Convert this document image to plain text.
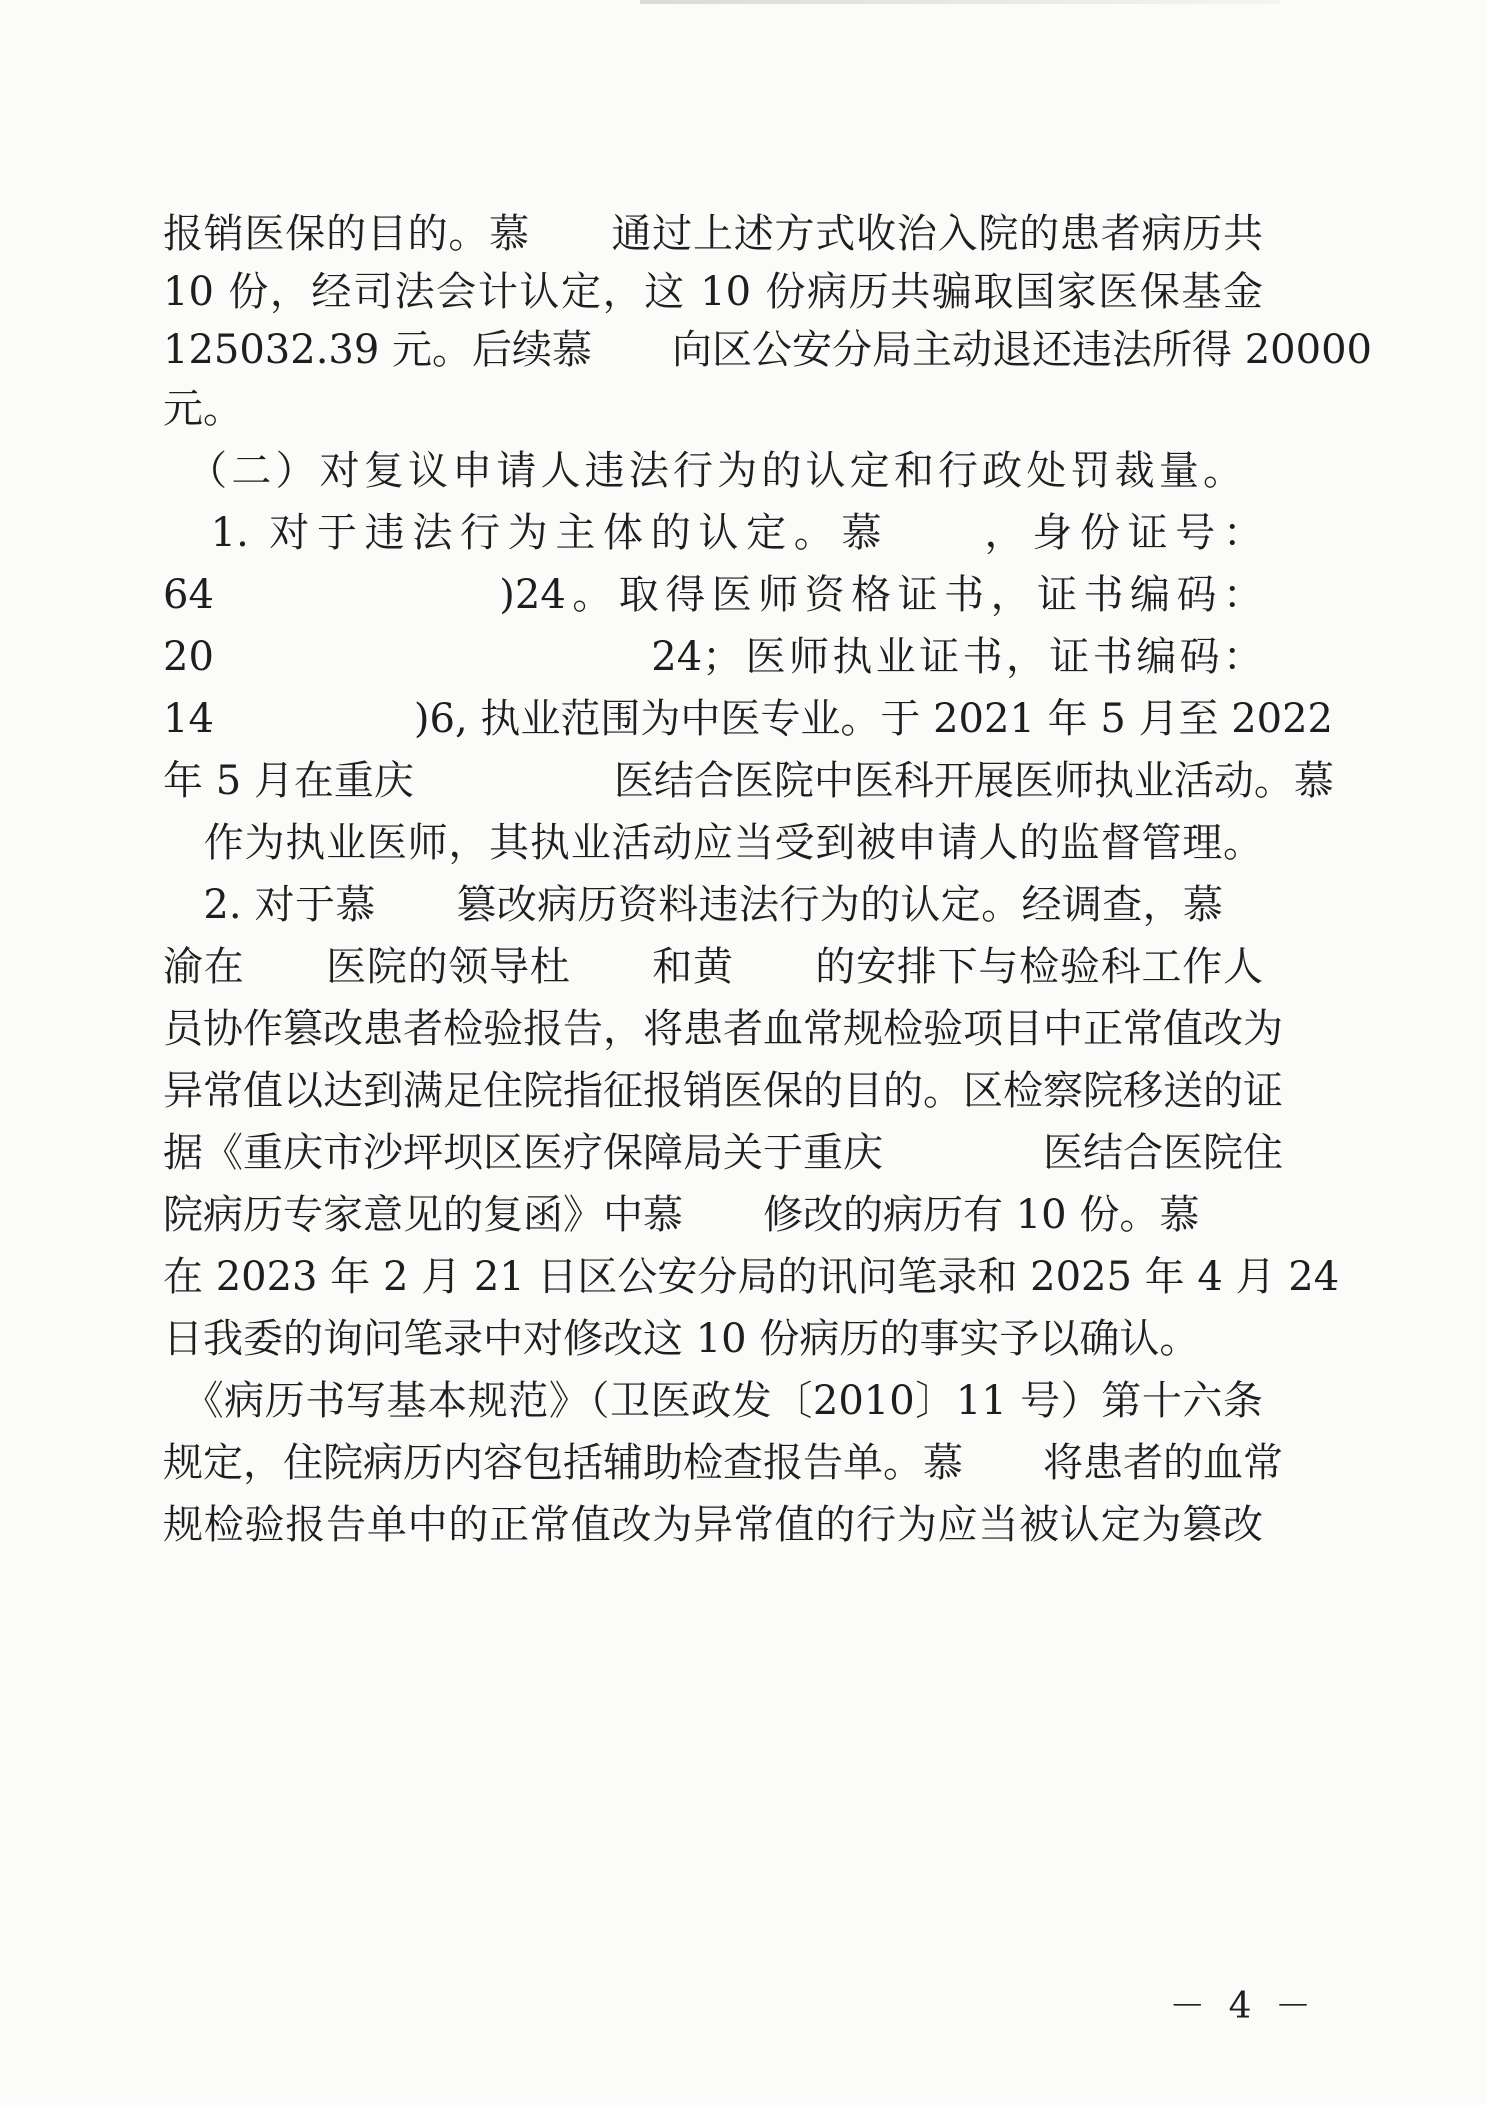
报销医保的目的。慕　　通过上述方式收治入院的患者病历共
10 份，经司法会计认定，这 10 份病历共骗取国家医保基金
125032.39 元。后续慕　　向区公安分局主动退还违法所得 20000
元。
　（二）对复议申请人违法行为的认定和行政处罚裁量。
　1. 对于违法行为主体的认定。慕　　，身份证号：
64　　　　　　)24。取得医师资格证书，证书编码：
20　　　　　　　　　　24；医师执业证书，证书编码：
14　　　　　)6, 执业范围为中医专业。于 2021 年 5 月至 2022
年 5 月在重庆　　　　　医结合医院中医科开展医师执业活动。慕
　作为执业医师，其执业活动应当受到被申请人的监督管理。
　2. 对于慕　　篡改病历资料违法行为的认定。经调查，慕
渝在　　医院的领导杜　　和黄　　的安排下与检验科工作人
员协作篡改患者检验报告，将患者血常规检验项目中正常值改为
异常值以达到满足住院指征报销医保的目的。区检察院移送的证
据《重庆市沙坪坝区医疗保障局关于重庆　　　　医结合医院住
院病历专家意见的复函》中慕　　修改的病历有 10 份。慕
在 2023 年 2 月 21 日区公安分局的讯问笔录和 2025 年 4 月 24
日我委的询问笔录中对修改这 10 份病历的事实予以确认。
　《病历书写基本规范》（卫医政发〔2010〕11 号）第十六条
规定，住院病历内容包括辅助检查报告单。慕　　将患者的血常
规检验报告单中的正常值改为异常值的行为应当被认定为篡改
－ 4 －
